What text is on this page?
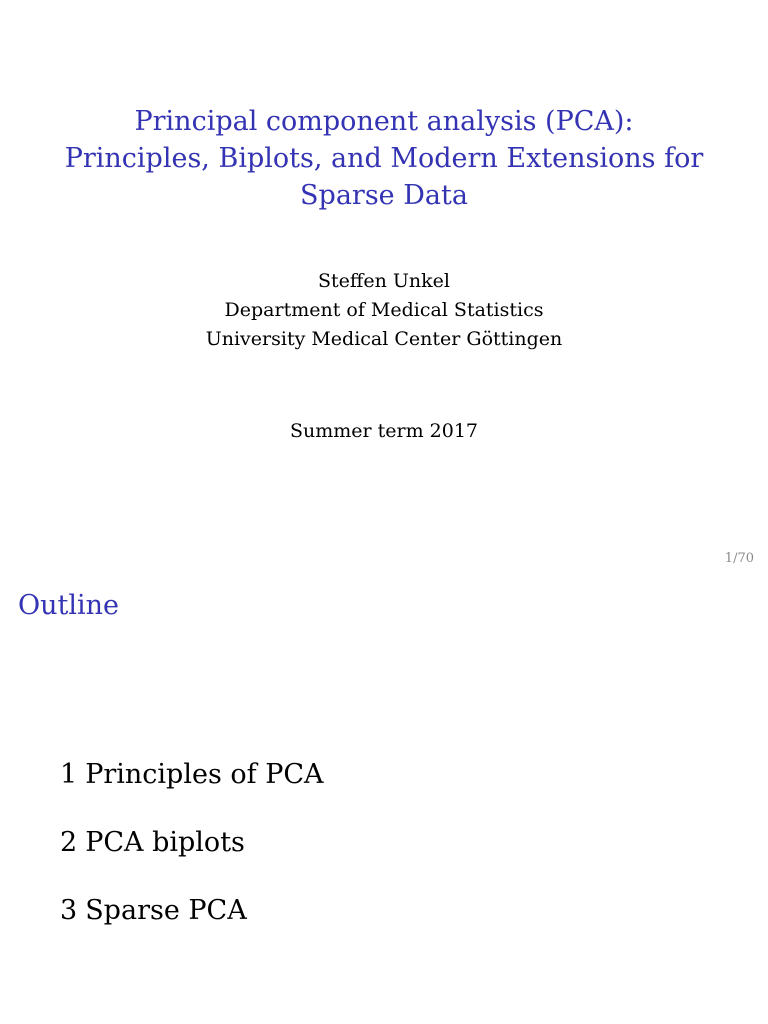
Principal component analysis (PCA):
Principles, Biplots, and Modern Extensions for
Sparse Data
Steffen Unkel
Department of Medical Statistics
University Medical Center Göttingen
Summer term 2017
1/70
Outline
1 Principles of PCA
2 PCA biplots
3 Sparse PCA
